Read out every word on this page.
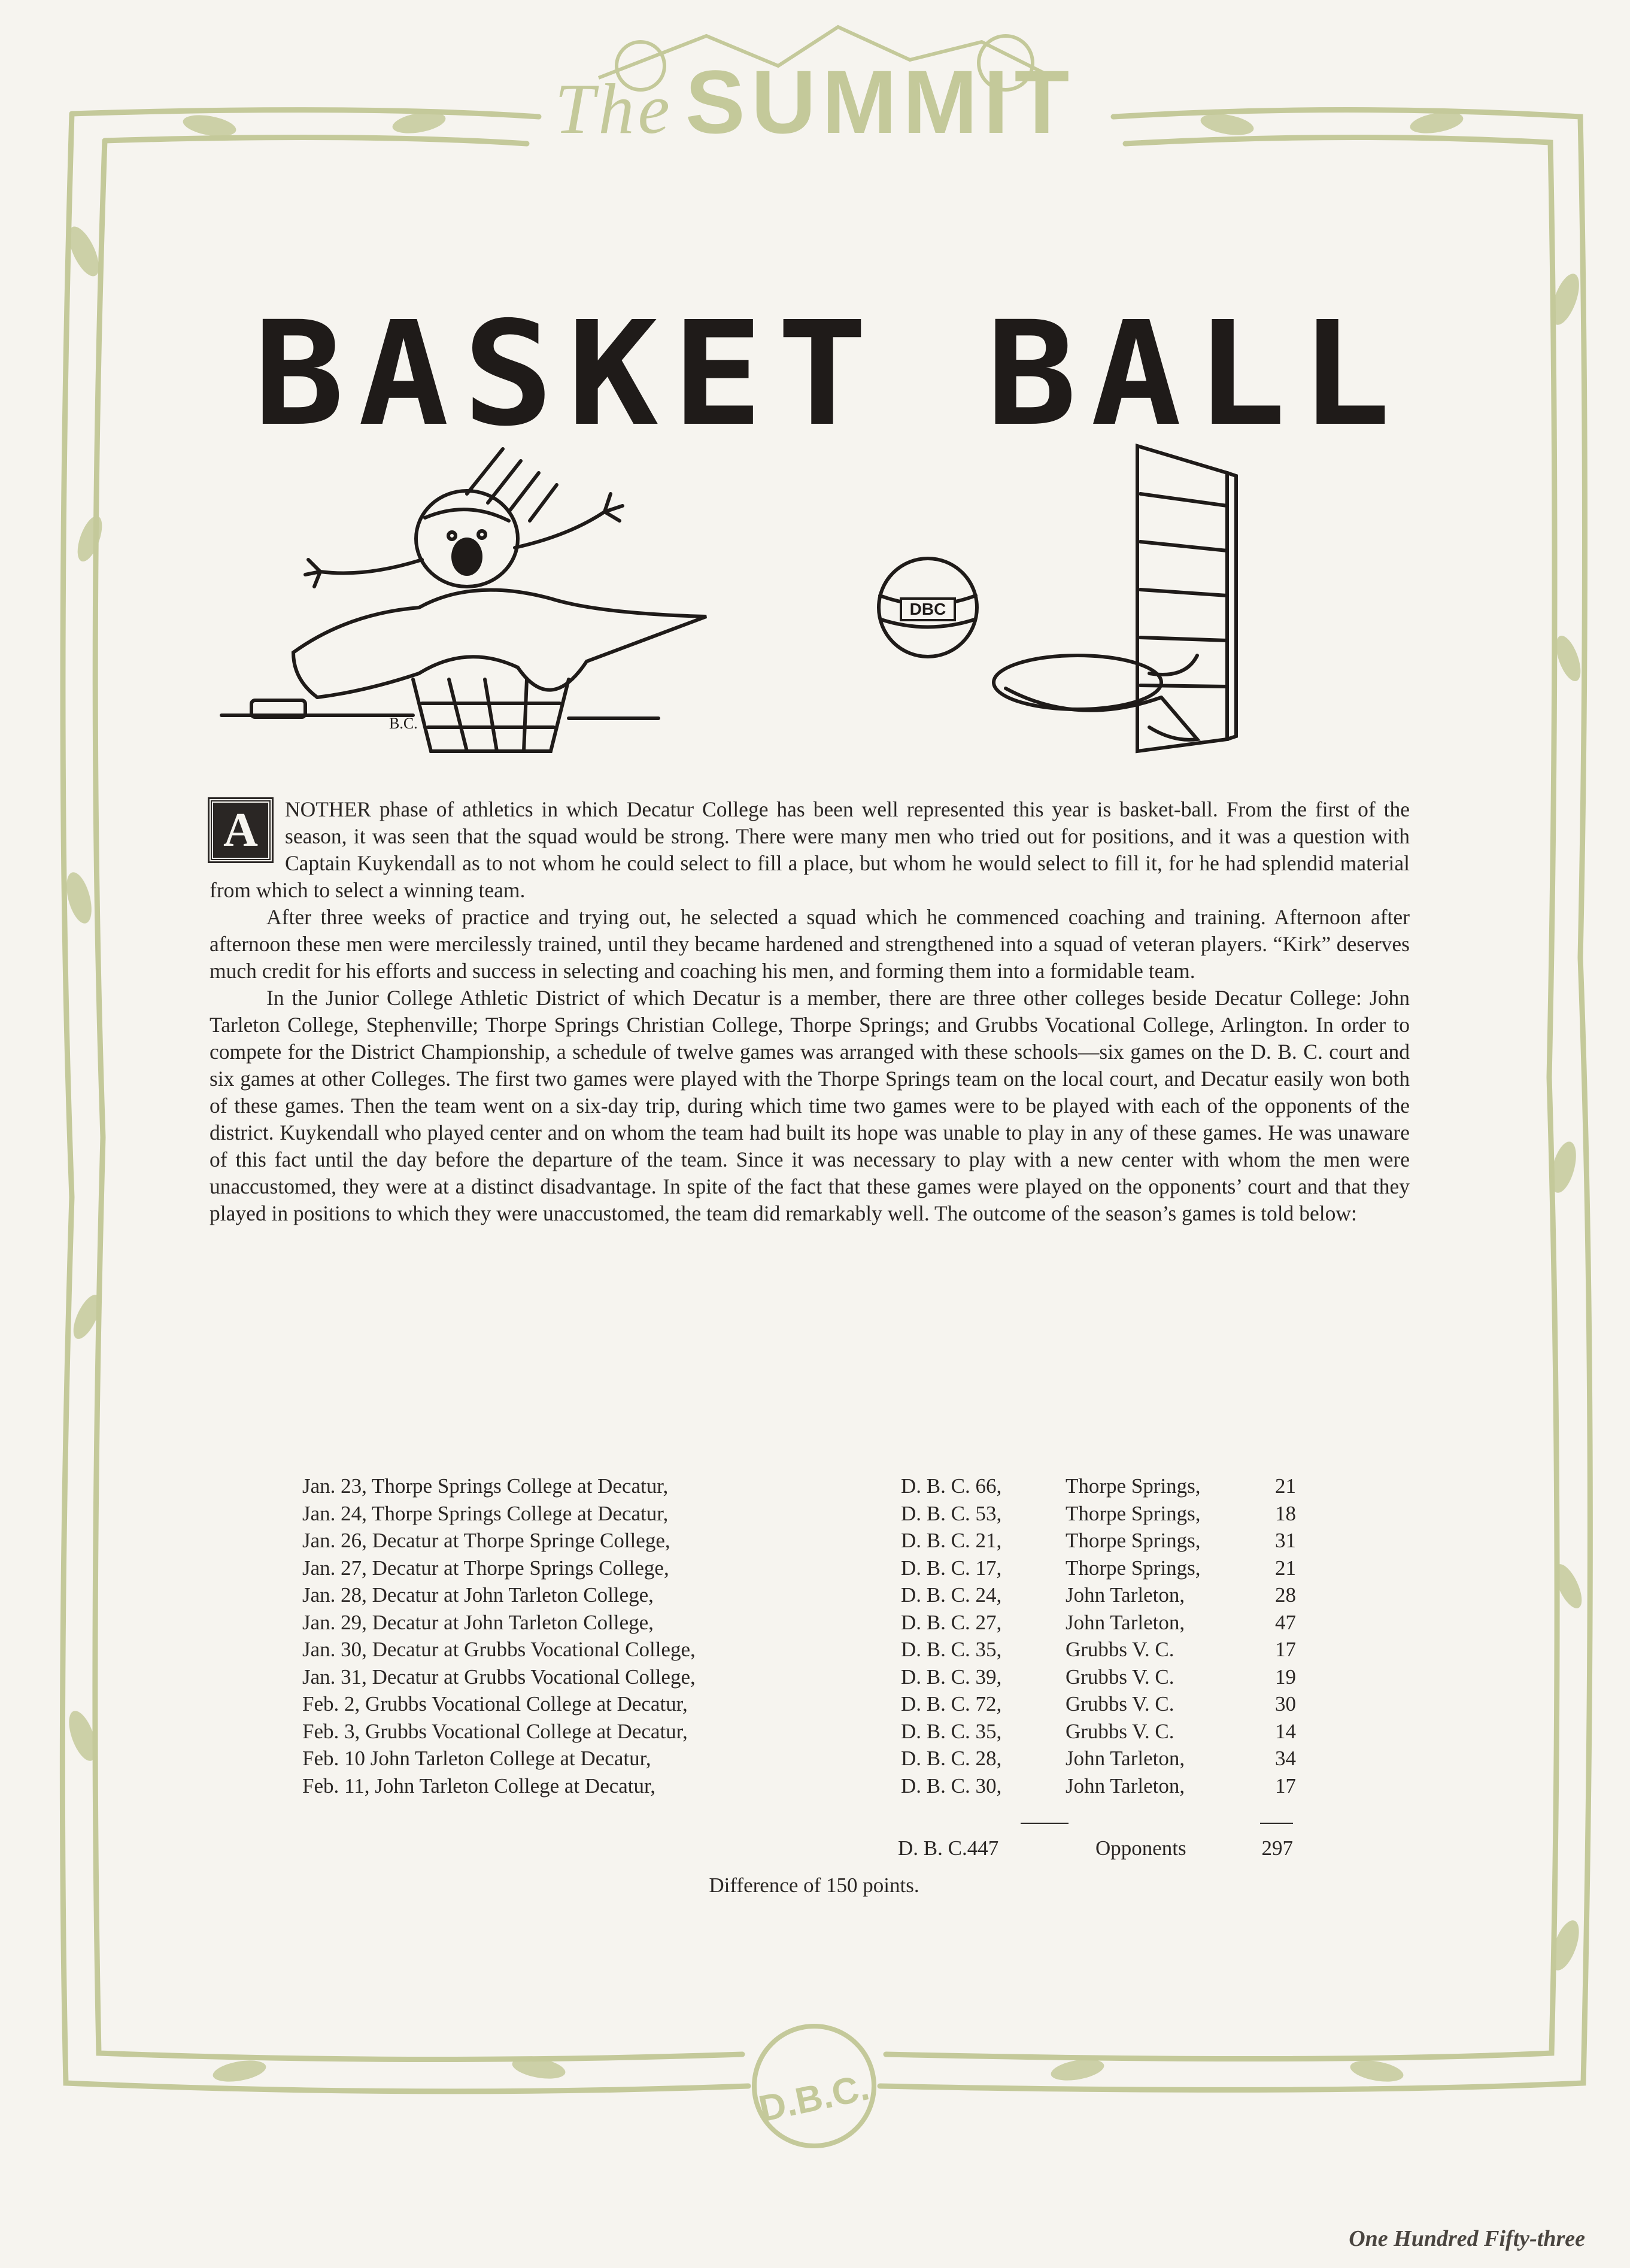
The SUMMIT
BASKET BALL
DBC
B.C.

A	NOTHER phase of athletics in which Decatur College has been well represented this year is basket-ball. From the first of the season, it was seen that the squad would be strong. There were many men who tried out for positions, and it was a question with Captain Kuykendall as to not whom he could select to fill a place, but whom he would select to fill it, for he had splendid material from which to select a winning team.

After three weeks of practice and trying out, he selected a squad which he commenced coaching and training. Afternoon after afternoon these men were mercilessly trained, until they became hardened and strengthened into a squad of veteran players. “Kirk” deserves much credit for his efforts and success in selecting and coaching his men, and forming them into a formidable team.

In the Junior College Athletic District of which Decatur is a member, there are three other colleges beside Decatur College: John Tarleton College, Stephenville; Thorpe Springs Christian College, Thorpe Springs; and Grubbs Vocational College, Arlington. In order to compete for the District Championship, a schedule of twelve games was arranged with these schools—six games on the D. B. C. court and six games at other Colleges. The first two games were played with the Thorpe Springs team on the local court, and Decatur easily won both of these games. Then the team went on a six-day trip, during which time two games were to be played with each of the opponents of the district. Kuykendall who played center and on whom the team had built its hope was unable to play in any of these games. He was unaware of this fact until the day before the departure of the team. Since it was necessary to play with a new center with whom the men were unaccustomed, they were at a distinct disadvantage. In spite of the fact that these games were played on the opponents’ court and that they played in positions to which they were unaccustomed, the team did remarkably well. The outcome of the season’s games is told below:

Jan. 23, Thorpe Springs College at Decatur,	D. B. C. 66,	Thorpe Springs,	21
Jan. 24, Thorpe Springs College at Decatur,	D. B. C. 53,	Thorpe Springs,	18
Jan. 26, Decatur at Thorpe Springe College,	D. B. C. 21,	Thorpe Springs,	31
Jan. 27, Decatur at Thorpe Springs College,	D. B. C. 17,	Thorpe Springs,	21
Jan. 28, Decatur at John Tarleton College,	D. B. C. 24,	John Tarleton,	28
Jan. 29, Decatur at John Tarleton College,	D. B. C. 27,	John Tarleton,	47
Jan. 30, Decatur at Grubbs Vocational College,	D. B. C. 35,	Grubbs V. C.	17
Jan. 31, Decatur at Grubbs Vocational College,	D. B. C. 39,	Grubbs V. C.	19
Feb. 2, Grubbs Vocational College at Decatur,	D. B. C. 72,	Grubbs V. C.	30
Feb. 3, Grubbs Vocational College at Decatur,	D. B. C. 35,	Grubbs V. C.	14
Feb. 10 John Tarleton College at Decatur,	D. B. C. 28,	John Tarleton,	34
Feb. 11, John Tarleton College at Decatur,	D. B. C. 30,	John Tarleton,	17
D. B. C.447	Opponents	297
Difference of 150 points.
D.B.C.
One Hundred Fifty-three
